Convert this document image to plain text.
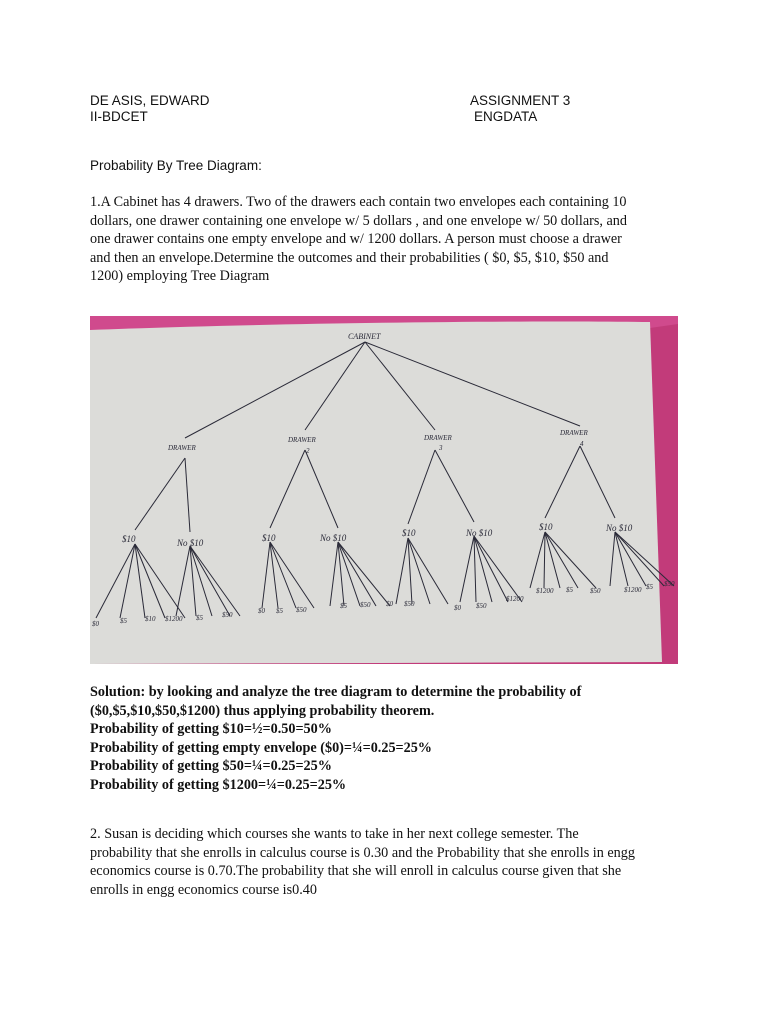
DE ASIS, EDWARD
II-BDCET
ASSIGNMENT 3
ENGDATA
Probability By Tree Diagram:
1.A Cabinet has 4 drawers. Two of the drawers each contain two envelopes each containing 10
dollars, one drawer containing one envelope w/ 5 dollars , and one envelope w/ 50 dollars, and
one drawer contains one empty envelope and w/ 1200 dollars. A person must choose a drawer
and then an envelope.Determine the outcomes and their probabilities ( $0, $5, $10, $50 and
1200) employing Tree Diagram
CABINET
DRAWER
DRAWER
2
DRAWER
3
DRAWER
4
$10	No $10	$10	No $10	$10	No $10
$10	No $10
$0	$5	$10 $1200 $5	$50	$0 $5 $50	$5 $50 $0 $50	$0 $50
$1200
$1200 $5 $50	$1200 $5 $50
Solution: by looking and analyze the tree diagram to determine the probability of
($0,$5,$10,$50,$1200) thus applying probability theorem.
Probability of getting $10=½=0.50=50%
Probability of getting empty envelope ($0)=¼=0.25=25%
Probability of getting $50=¼=0.25=25%
Probability of getting $1200=¼=0.25=25%
2. Susan is deciding which courses she wants to take in her next college semester. The
probability that she enrolls in calculus course is 0.30 and the Probability that she enrolls in engg
economics course is 0.70.The probability that she will enroll in calculus course given that she
enrolls in engg economics course is0.40
